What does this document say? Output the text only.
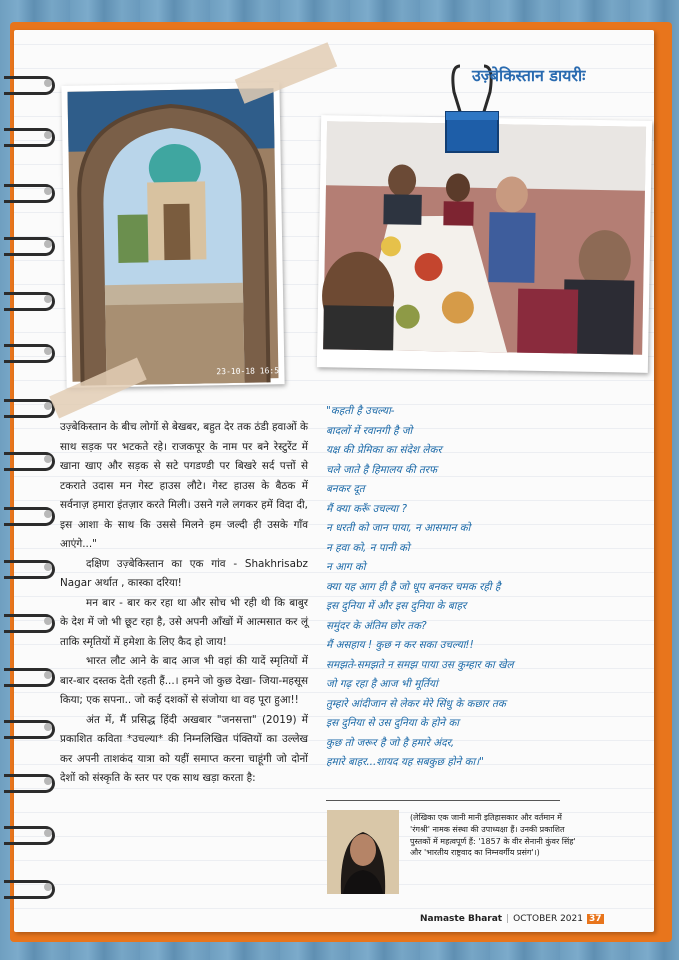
23-10-18 16:50
उज़्बेकिस्तान डायरीः

उज़्बेकिस्तान के बीच लोगों से बेखबर, बहुत देर तक ठंडी हवाओं के साथ सड़क पर भटकते रहे। राजकपूर के नाम पर बने रेस्टुरेंट में खाना खाए और सड़क से सटे पगडण्डी पर बिखरे सर्द पत्तों से टकराते उदास मन गेस्ट हाउस लौटे। गेस्ट हाउस के बैठक में सर्वनाज़ हमारा इंतज़ार करते मिली। उसने गले लगकर हमें विदा दी, इस आशा के साथ कि उससे मिलने हम जल्दी ही उसके गाँव आएंगे..."

दक्षिण उज़्बेकिस्तान का एक गांव - Shakhrisabz Nagar अर्थात , कास्का दरिया!

मन बार - बार कर रहा था और सोच भी रही थी कि बाबुर के देश में जो भी छूट रहा है, उसे अपनी आँखों में आत्मसात कर लूं ताकि स्मृतियों में हमेशा के लिए कैद हो जाय!

भारत लौट आने के बाद आज भी वहां की यादें स्मृतियों में बार-बार दस्तक देती रहती हैं...। हमने जो कुछ देखा- जिया-महसूस किया; एक सपना.. जो कई दशकों से संजोया था वह पूरा हुआ!!

अंत में, मैं प्रसिद्ध हिंदी अखबार "जनसत्ता" (2019) में प्रकाशित कविता *उचल्या* की निम्नलिखित पंक्तियों का उल्लेख कर अपनी ताशकंद यात्रा को यहीं समाप्त करना चाहूंगी जो दोनों देशों को संस्कृति के स्तर पर एक साथ खड़ा करता है:

"कहती है उचल्या-
बादलों में रवानगी है जो
यक्ष की प्रेमिका का संदेश लेकर
चले जाते है हिमालय की तरफ
बनकर दूत
मैं क्या करूँ उचल्या ?
न धरती को जान पाया, न आसमान को
न हवा को, न पानी को
न आग को
क्या यह आग ही है जो धूप बनकर चमक रही है
इस दुनिया में और इस दुनिया के बाहर
समुंदर के अंतिम छोर तक?
मैं असहाय ! कुछ न कर सका उचल्या!!
समझते-समझते न समझ पाया उस कुम्हार का खेल
जो गढ़ रहा है आज भी मूर्तियां
तुम्हारे आंदीजान से लेकर मेरे सिंधु के कछार तक
इस दुनिया से उस दुनिया के होने का
कुछ तो जरूर है जो है हमारे अंदर,
हमारे बाहर...शायद यह सबकुछ होने का।"
(लेखिका एक जानी मानी इतिहासकार और वर्तमान में 'रंगश्री' नामक संस्था की उपाध्यक्षा हैं। उनकी प्रकाशित पुस्तकों में महत्वपूर्ण हैं: '1857 के वीर सेनानी कुंवर सिंह' और 'भारतीय राष्ट्रवाद का निम्नवर्गीय प्रसंग'।)
Namaste Bharat | OCTOBER 2021 37
